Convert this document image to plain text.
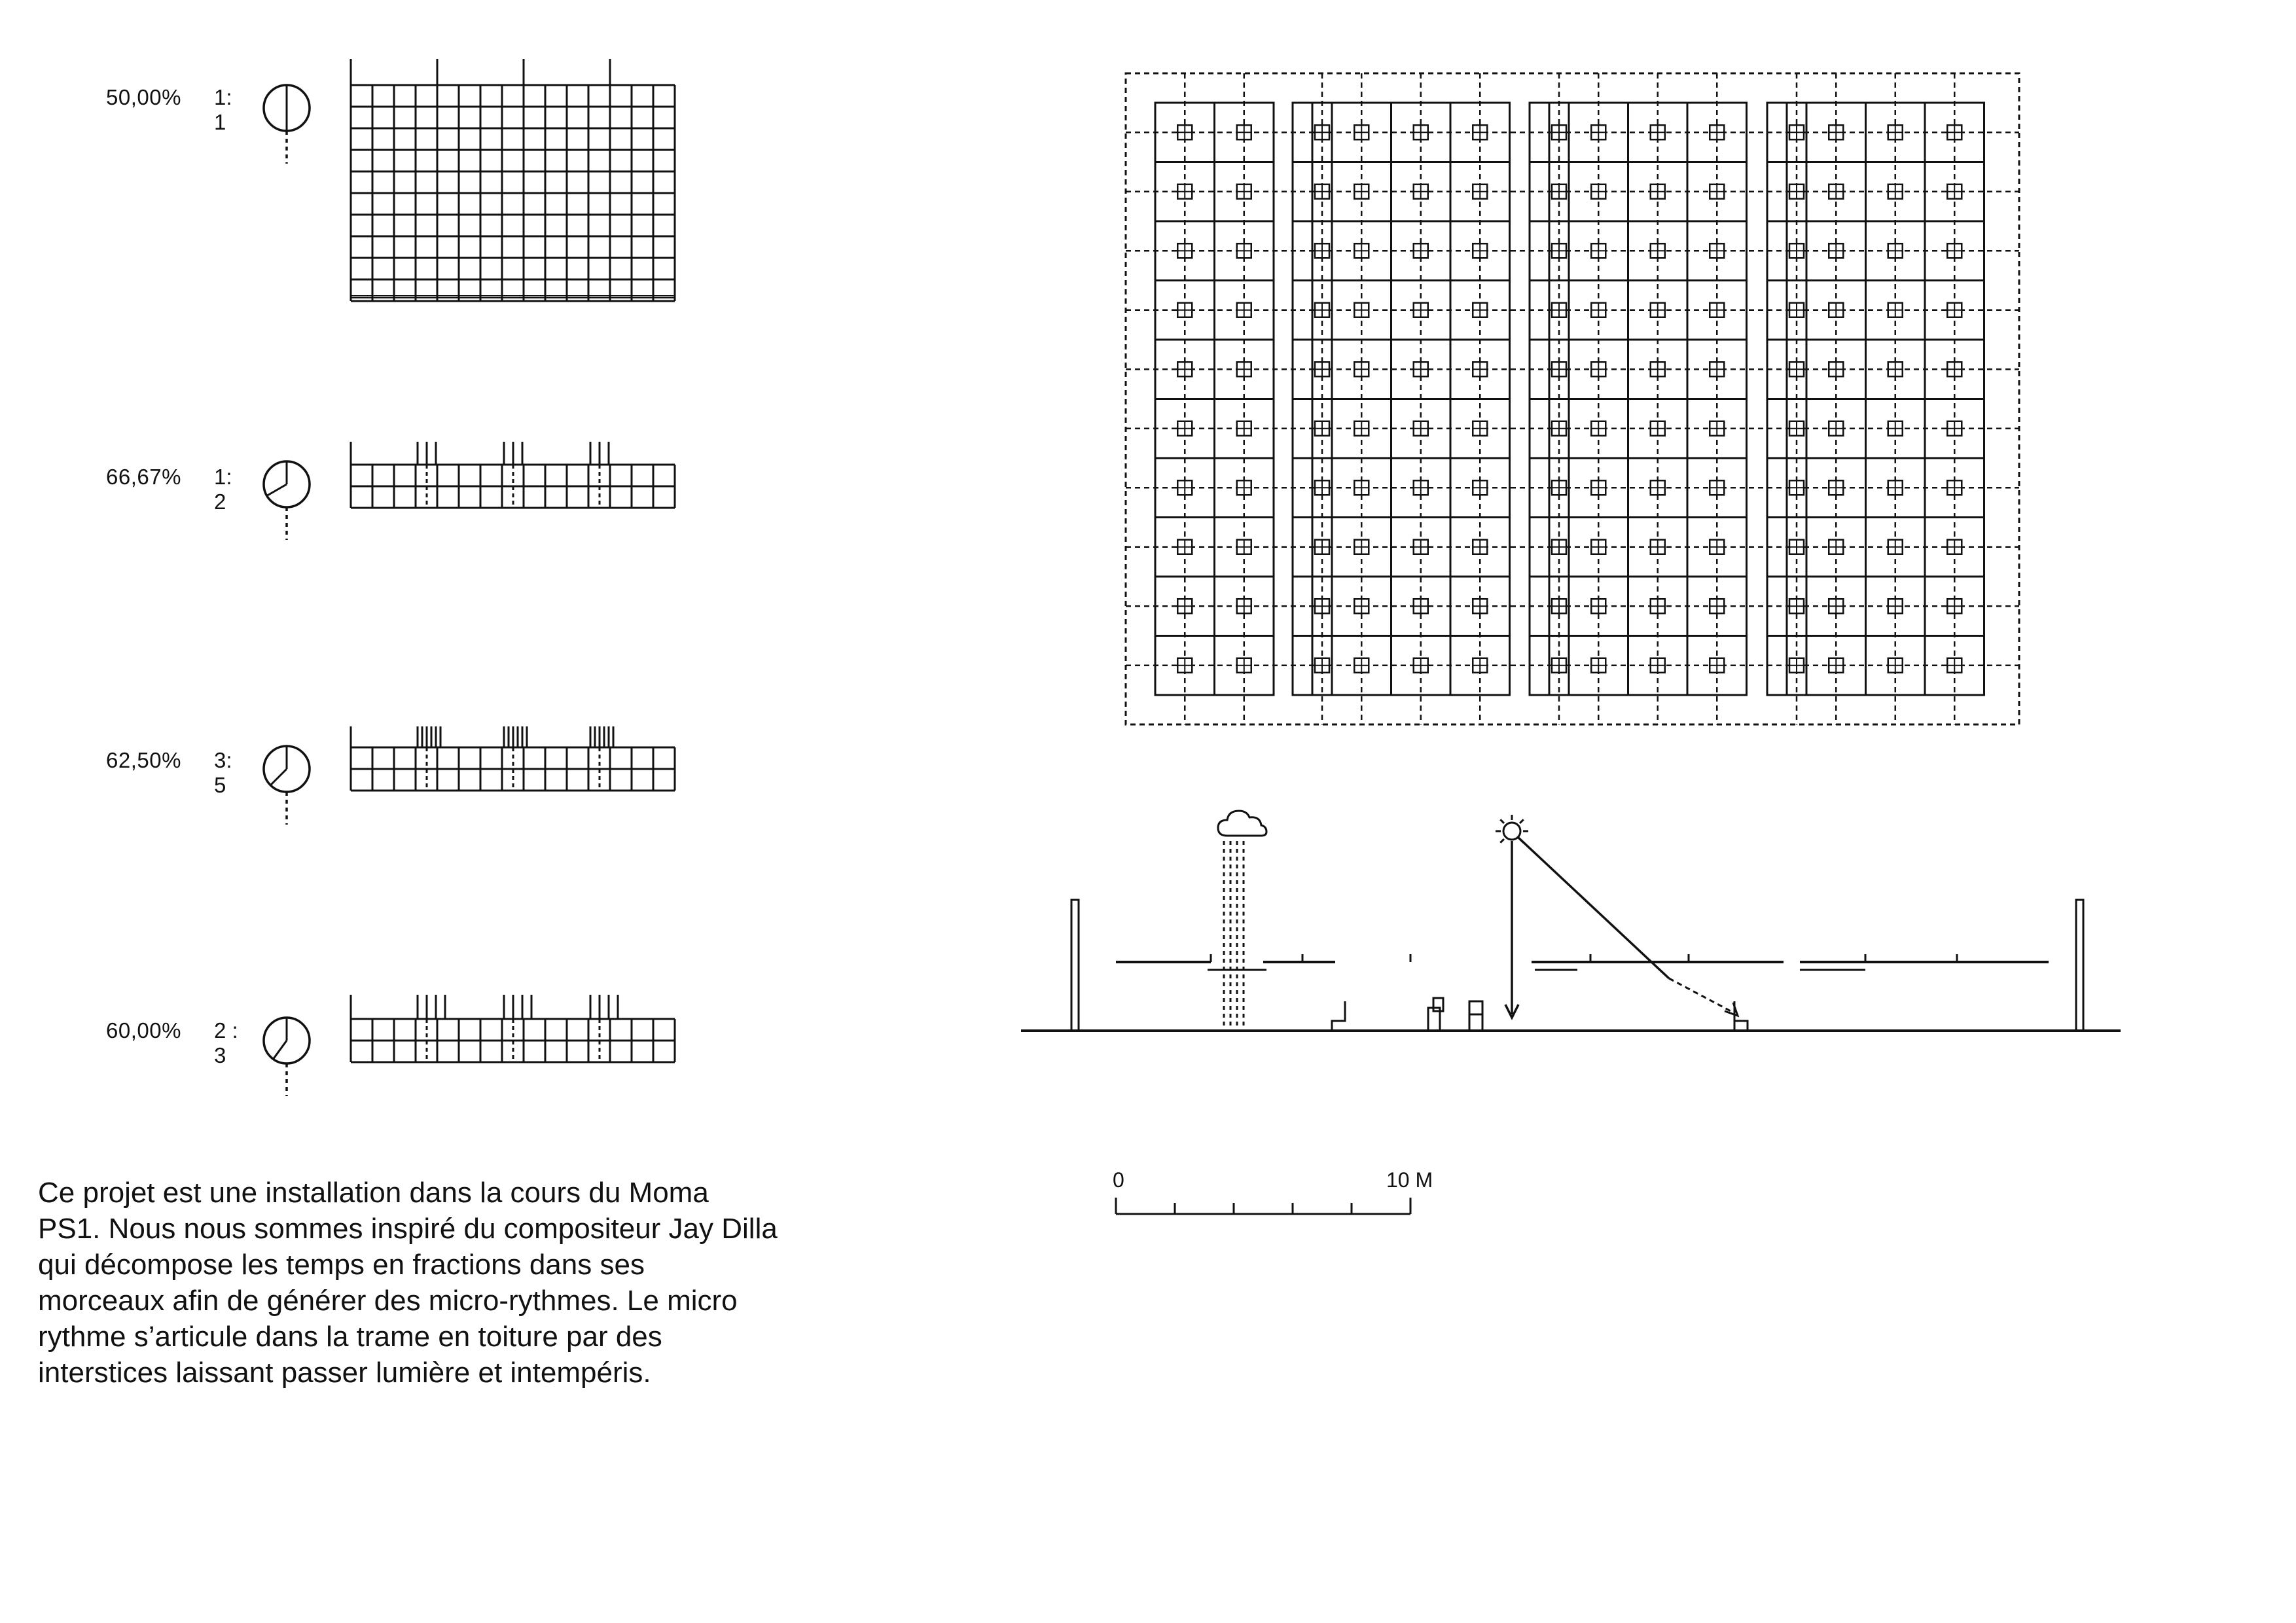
50,00% 1:
1
66,67% 1:
2
62,50% 3:
5
60,00% 2 :
3

Ce projet est une installation dans la cours du Moma PS1. Nous nous sommes inspiré du compositeur Jay Dilla qui décompose les temps en fractions dans ses morceaux afin de générer des micro-rythmes. Le micro rythme s’articule dans la trame en toiture par des interstices laissant passer lumière et intempéris.

0	10 M
